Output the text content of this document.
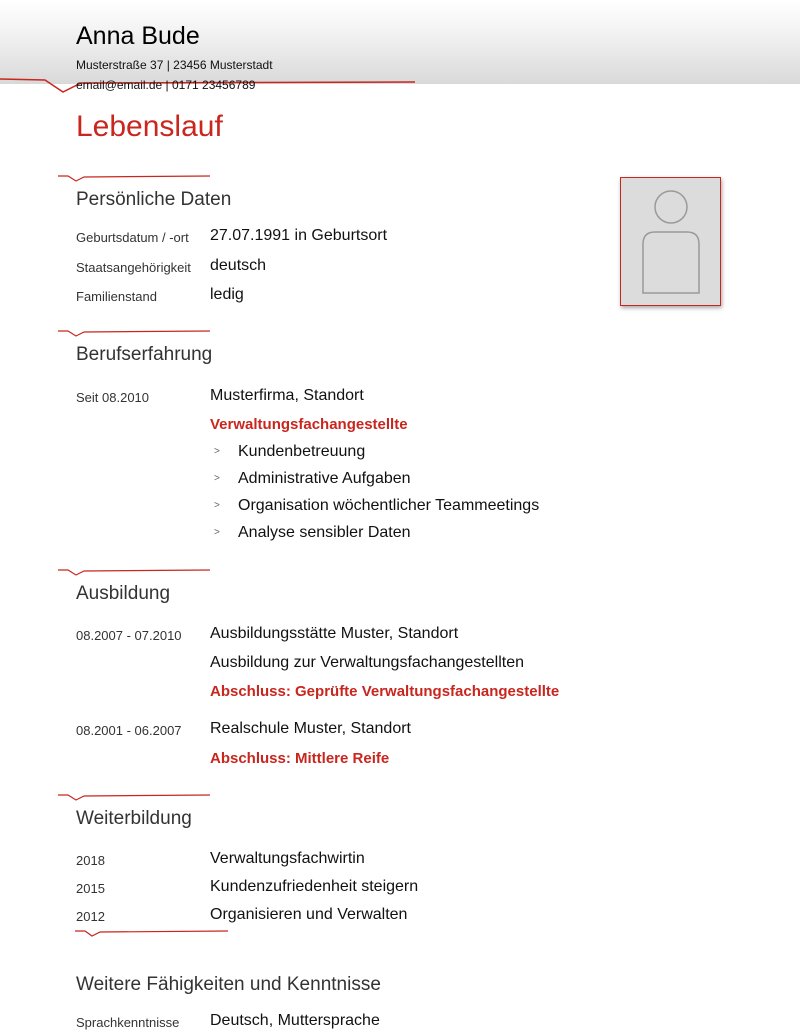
Anna Bude
Musterstraße 37 | 23456 Musterstadt
email@email.de | 0171 23456789
Lebenslauf
Persönliche Daten
Geburtsdatum / -ort 27.07.1991 in Geburtsort
Staatsangehörigkeit deutsch
Familienstand	ledig
Berufserfahrung
Seit 08.2010	Musterfirma, Standort
Verwaltungsfachangestellte
> Kundenbetreuung
> Administrative Aufgaben
> Organisation wöchentlicher Teammeetings
> Analyse sensibler Daten
Ausbildung
08.2007 - 07.2010 Ausbildungsstätte Muster, Standort
Ausbildung zur Verwaltungsfachangestellten
Abschluss: Geprüfte Verwaltungsfachangestellte
08.2001 - 06.2007 Realschule Muster, Standort
Abschluss: Mittlere Reife
Weiterbildung
2018	Verwaltungsfachwirtin
2015	Kundenzufriedenheit steigern
2012	Organisieren und Verwalten
Weitere Fähigkeiten und Kenntnisse
Sprachkenntnisse Deutsch, Muttersprache
